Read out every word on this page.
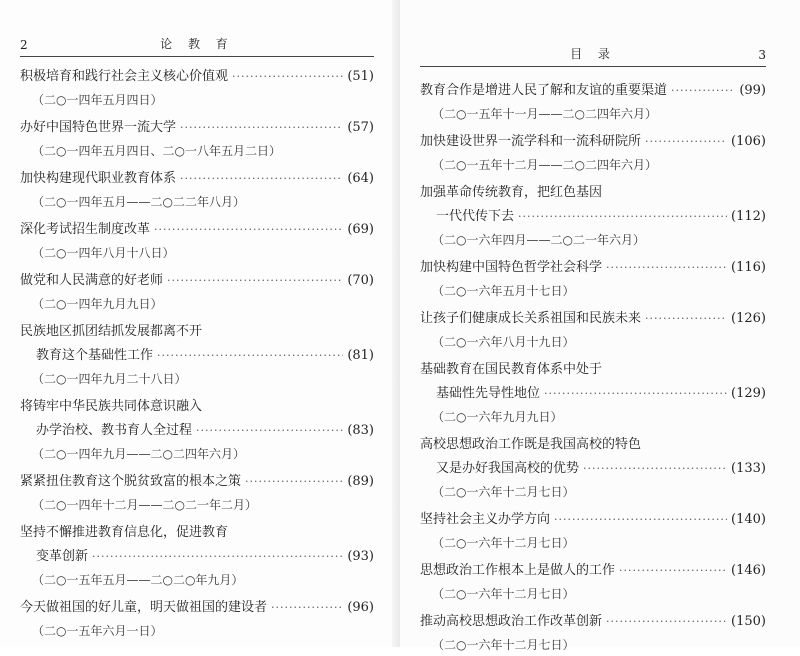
2	论 教 育
积极培育和践行社会主义核心价值观 ·····	(51)
（二○一四年五月四日）
办好中国特色世界一流大学 ·····	(57)
（二○一四年五月四日、二○一八年五月二日）
加快构建现代职业教育体系 ·····	(64)
（二○一四年五月——二○二二年八月）
深化考试招生制度改革 ·····	(69)
（二○一四年八月十八日）
做党和人民满意的好老师 ·····	(70)
（二○一四年九月九日）
民族地区抓团结抓发展都离不开
教育这个基础性工作 ·····	(81)
（二○一四年九月二十八日）
将铸牢中华民族共同体意识融入
办学治校、教书育人全过程 ·····	(83)
（二○一四年九月——二○二四年六月）
紧紧扭住教育这个脱贫致富的根本之策 ·····	(89)
（二○一四年十二月——二○二一年二月）
坚持不懈推进教育信息化，促进教育
变革创新 ·····	(93)
（二○一五年五月——二○二○年九月）
今天做祖国的好儿童，明天做祖国的建设者 ·····	(96)
（二○一五年六月一日）
目 录	3
教育合作是增进人民了解和友谊的重要渠道 ·····	(99)
（二○一五年十一月——二○二四年六月）
加快建设世界一流学科和一流科研院所 ·····	(106)
（二○一五年十二月——二○二四年六月）
加强革命传统教育，把红色基因
一代代传下去 ·····	(112)
（二○一六年四月——二○二一年六月）
加快构建中国特色哲学社会科学 ·····	(116)
（二○一六年五月十七日）
让孩子们健康成长关系祖国和民族未来 ·····	(126)
（二○一六年八月十九日）
基础教育在国民教育体系中处于
基础性先导性地位 ·····	(129)
（二○一六年九月九日）
高校思想政治工作既是我国高校的特色
又是办好我国高校的优势 ·····	(133)
（二○一六年十二月七日）
坚持社会主义办学方向 ·····	(140)
（二○一六年十二月七日）
思想政治工作根本上是做人的工作 ·····	(146)
（二○一六年十二月七日）
推动高校思想政治工作改革创新 ·····	(150)
（二○一六年十二月七日）
